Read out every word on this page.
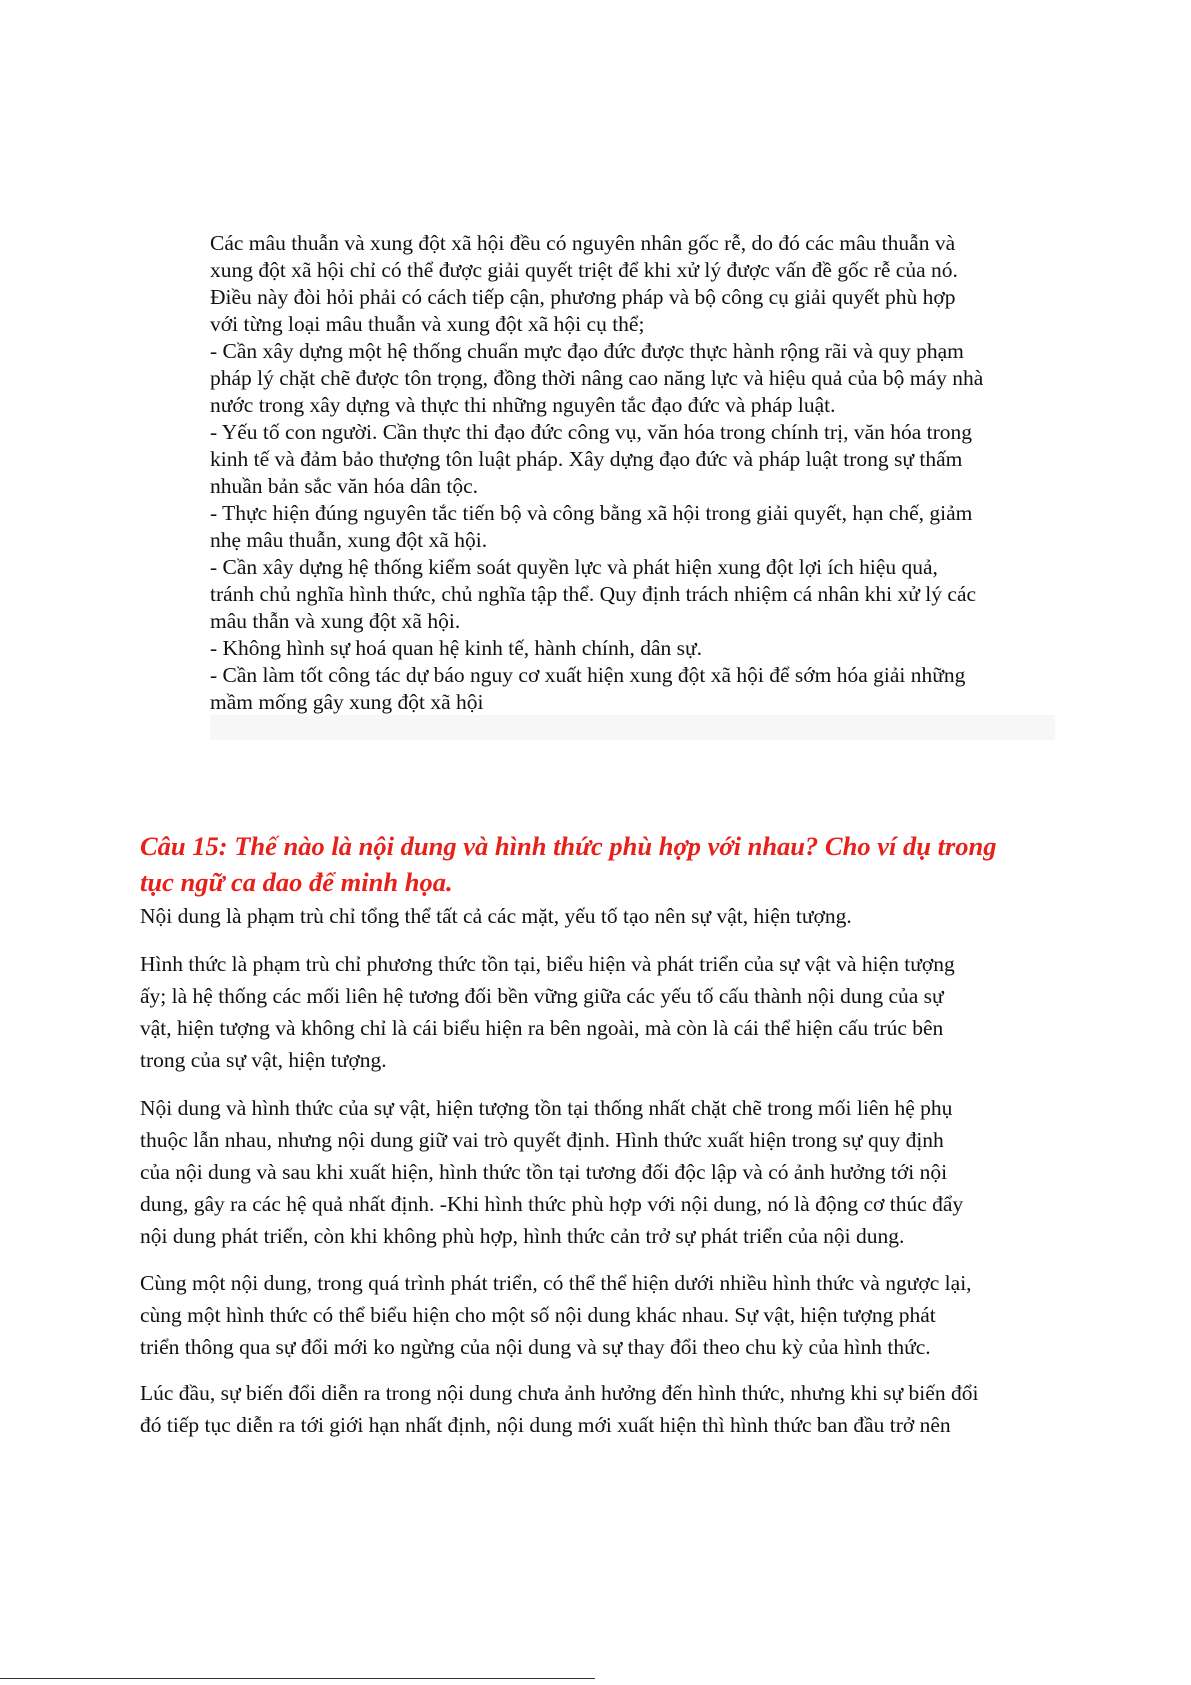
Các mâu thuẫn và xung đột xã hội đều có nguyên nhân gốc rễ, do đó các mâu thuẫn và
xung đột xã hội chỉ có thể được giải quyết triệt để khi xử lý được vấn đề gốc rễ của nó.
Điều này đòi hỏi phải có cách tiếp cận, phương pháp và bộ công cụ giải quyết phù hợp
với từng loại mâu thuẫn và xung đột xã hội cụ thể;
- Cần xây dựng một hệ thống chuẩn mực đạo đức được thực hành rộng rãi và quy phạm
pháp lý chặt chẽ được tôn trọng, đồng thời nâng cao năng lực và hiệu quả của bộ máy nhà
nước trong xây dựng và thực thi những nguyên tắc đạo đức và pháp luật.
- Yếu tố con người. Cần thực thi đạo đức công vụ, văn hóa trong chính trị, văn hóa trong
kinh tế và đảm bảo thượng tôn luật pháp. Xây dựng đạo đức và pháp luật trong sự thấm
nhuần bản sắc văn hóa dân tộc.
- Thực hiện đúng nguyên tắc tiến bộ và công bằng xã hội trong giải quyết, hạn chế, giảm
nhẹ mâu thuẫn, xung đột xã hội.
- Cần xây dựng hệ thống kiểm soát quyền lực và phát hiện xung đột lợi ích hiệu quả,
tránh chủ nghĩa hình thức, chủ nghĩa tập thể. Quy định trách nhiệm cá nhân khi xử lý các
mâu thẫn và xung đột xã hội.
- Không hình sự hoá quan hệ kinh tế, hành chính, dân sự.
- Cần làm tốt công tác dự báo nguy cơ xuất hiện xung đột xã hội để sớm hóa giải những
mầm mống gây xung đột xã hội
Câu 15: Thế nào là nội dung và hình thức phù hợp với nhau? Cho ví dụ trong
tục ngữ ca dao để minh họa.
Nội dung là phạm trù chỉ tổng thể tất cả các mặt, yếu tố tạo nên sự vật, hiện tượng.
Hình thức là phạm trù chỉ phương thức tồn tại, biểu hiện và phát triển của sự vật và hiện tượng
ấy; là hệ thống các mối liên hệ tương đối bền vững giữa các yếu tố cấu thành nội dung của sự
vật, hiện tượng và không chỉ là cái biểu hiện ra bên ngoài, mà còn là cái thể hiện cấu trúc bên
trong của sự vật, hiện tượng.
Nội dung và hình thức của sự vật, hiện tượng tồn tại thống nhất chặt chẽ trong mối liên hệ phụ
thuộc lẫn nhau, nhưng nội dung giữ vai trò quyết định. Hình thức xuất hiện trong sự quy định
của nội dung và sau khi xuất hiện, hình thức tồn tại tương đối độc lập và có ảnh hưởng tới nội
dung, gây ra các hệ quả nhất định. -Khi hình thức phù hợp với nội dung, nó là động cơ thúc đẩy
nội dung phát triển, còn khi không phù hợp, hình thức cản trở sự phát triển của nội dung.
Cùng một nội dung, trong quá trình phát triển, có thể thể hiện dưới nhiều hình thức và ngược lại,
cùng một hình thức có thể biểu hiện cho một số nội dung khác nhau. Sự vật, hiện tượng phát
triển thông qua sự đổi mới ko ngừng của nội dung và sự thay đổi theo chu kỳ của hình thức.
Lúc đầu, sự biến đổi diễn ra trong nội dung chưa ảnh hưởng đến hình thức, nhưng khi sự biến đổi
đó tiếp tục diễn ra tới giới hạn nhất định, nội dung mới xuất hiện thì hình thức ban đầu trở nên
